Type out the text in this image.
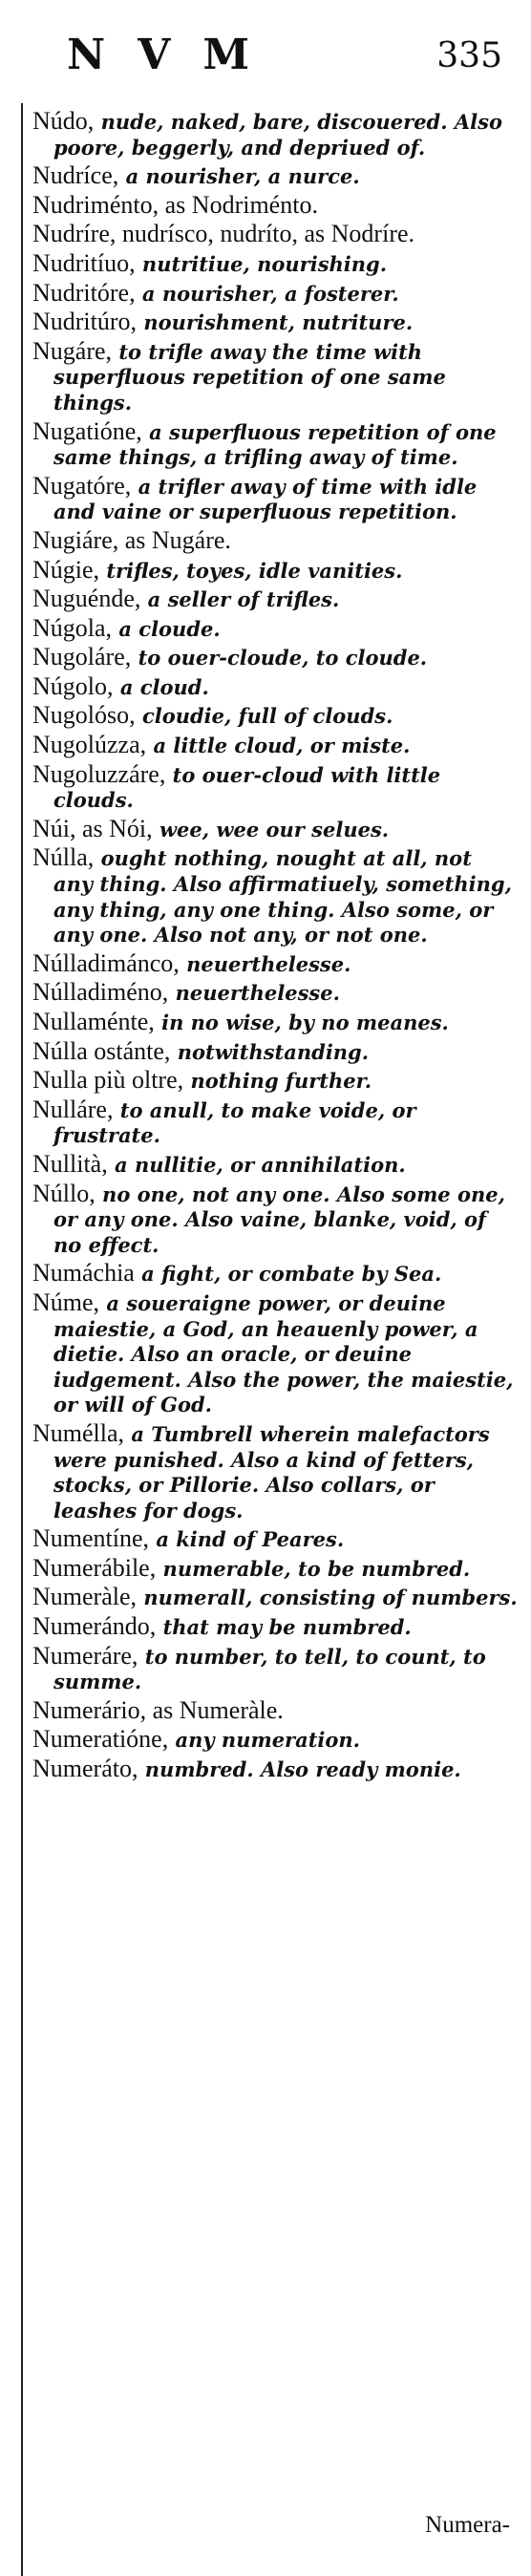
NVM	335

Núdo, nude, naked, bare, discouered. Also poore, beggerly, and depriued of.

Nudríce, a nourisher, a nurce.

Nudriménto, as Nodriménto.

Nudríre, nudrísco, nudríto, as Nodríre.

Nudritíuo, nutritiue, nourishing.

Nudritóre, a nourisher, a fosterer.

Nudritúro, nourishment, nutriture.

Nugáre, to trifle away the time with superfluous repetition of one same things.

Nugatióne, a superfluous repetition of one same things, a trifling away of time.

Nugatóre, a trifler away of time with idle and vaine or superfluous repetition.

Nugiáre, as Nugáre.

Núgie, trifles, toyes, idle vanities.

Nuguénde, a seller of trifles.

Núgola, a cloude.

Nugoláre, to ouer-cloude, to cloude.

Núgolo, a cloud.

Nugolóso, cloudie, full of clouds.

Nugolúzza, a little cloud, or miste.

Nugoluzzáre, to ouer-cloud with little clouds.

Núi, as Nói, wee, wee our selues.

Núlla, ought nothing, nought at all, not any thing. Also affirmatiuely, something, any thing, any one thing. Also some, or any one. Also not any, or not one.

Núlladimánco, neuerthelesse.

Núlladiméno, neuerthelesse.

Nullaménte, in no wise, by no meanes.

Núlla ostánte, notwithstanding.

Nulla più oltre, nothing further.

Nulláre, to anull, to make voide, or frustrate.

Nullità, a nullitie, or annihilation.

Núllo, no one, not any one. Also some one, or any one. Also vaine, blanke, void, of no effect.

Numáchia a fight, or combate by Sea.

Núme, a soueraigne power, or deuine maiestie, a God, an heauenly power, a dietie. Also an oracle, or deuine iudgement. Also the power, the maiestie, or will of God.

Numélla, a Tumbrell wherein malefactors were punished. Also a kind of fetters, stocks, or Pillorie. Also collars, or leashes for dogs.

Numentíne, a kind of Peares.

Numerábile, numerable, to be numbred.

Numeràle, numerall, consisting of numbers.

Numerándo, that may be numbred.

Numeráre, to number, to tell, to count, to summe.

Numerário, as Numeràle.

Numeratióne, any numeration.

Numeráto, numbred. Also ready monie.

Numera-
